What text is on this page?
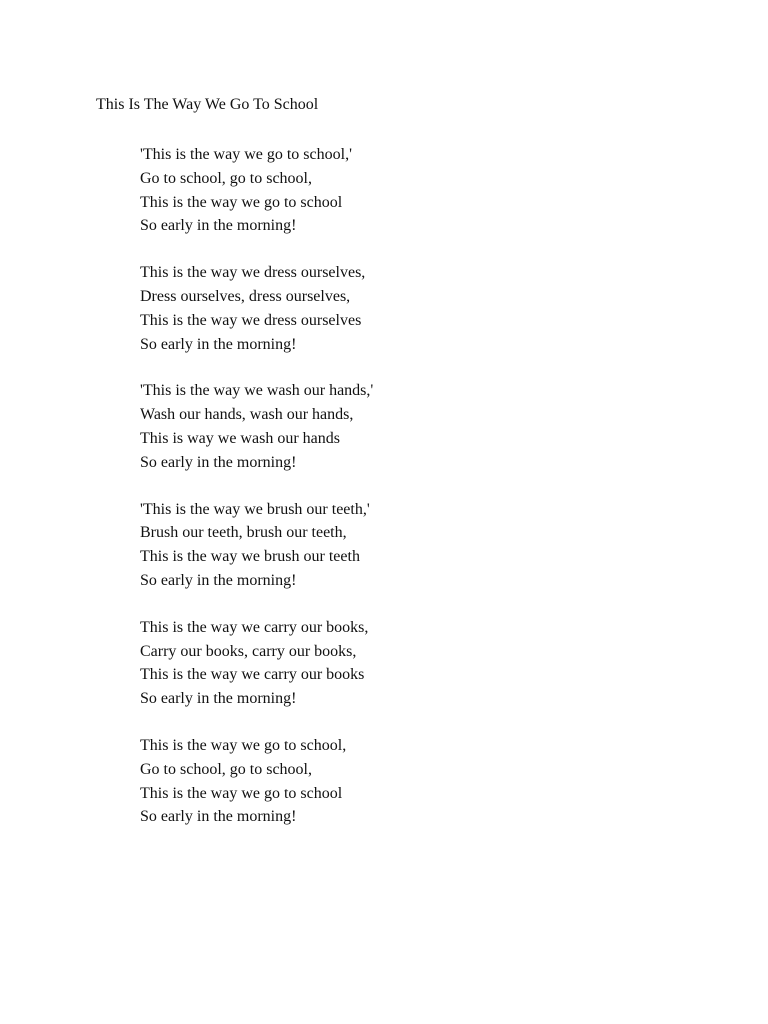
This Is The Way We Go To School

'This is the way we go to school,'

Go to school, go to school,

This is the way we go to school

So early in the morning!

This is the way we dress ourselves,

Dress ourselves, dress ourselves,

This is the way we dress ourselves

So early in the morning!

'This is the way we wash our hands,'

Wash our hands, wash our hands,

This is way we wash our hands

So early in the morning!

'This is the way we brush our teeth,'

Brush our teeth, brush our teeth,

This is the way we brush our teeth

So early in the morning!

This is the way we carry our books,

Carry our books, carry our books,

This is the way we carry our books

So early in the morning!

This is the way we go to school,

Go to school, go to school,

This is the way we go to school

So early in the morning!
